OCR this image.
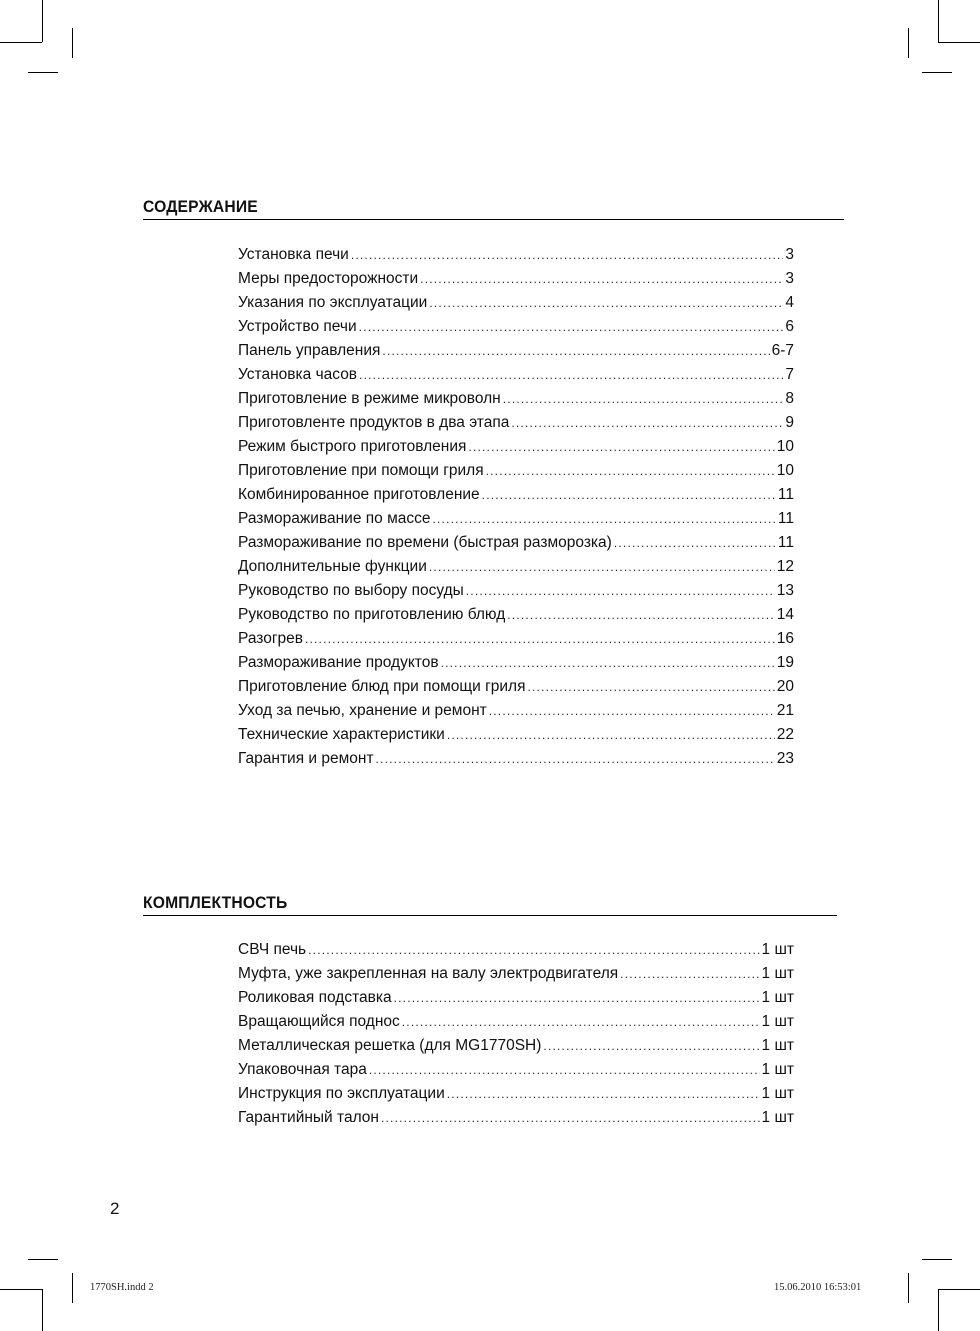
СОДЕРЖАНИЕ
Установка печи .....	3
Меры предосторожности .....	3
Указания по эксплуатации .....	4
Устройство печи .....	6
Панель управления .....	6-7
Установка часов .....	7
Приготовление в режиме микроволн .....	8
Приготовленте продуктов в два этапа .....	9
Режим быстрого приготовления .....	10
Приготовление при помощи гриля .....	10
Комбинированное приготовление .....	11
Размораживание по массе .....	11
Размораживание по времени (быстрая разморозка) .....	11
Дополнительные функции .....	12
Руководство по выбору посуды .....	13
Руководство по приготовлению блюд .....	14
Разогрев .....	16
Размораживание продуктов .....	19
Приготовление блюд при помощи гриля .....	20
Уход за печью, хранение и ремонт .....	21
Технические характеристики .....	22
Гарантия и ремонт .....	23
КОМПЛЕКТНОСТЬ
СВЧ печь .....	1 шт
Муфта, уже закрепленная на валу электродвигателя .....	1 шт
Роликовая подставка .....	1 шт
Вращающийся поднос .....	1 шт
Металлическая решетка (для MG1770SH) .....	1 шт
Упаковочная тара .....	1 шт
Инструкция по эксплуатации .....	1 шт
Гарантийный талон .....	1 шт
2
1770SH.indd 2	15.06.2010 16:53:01
